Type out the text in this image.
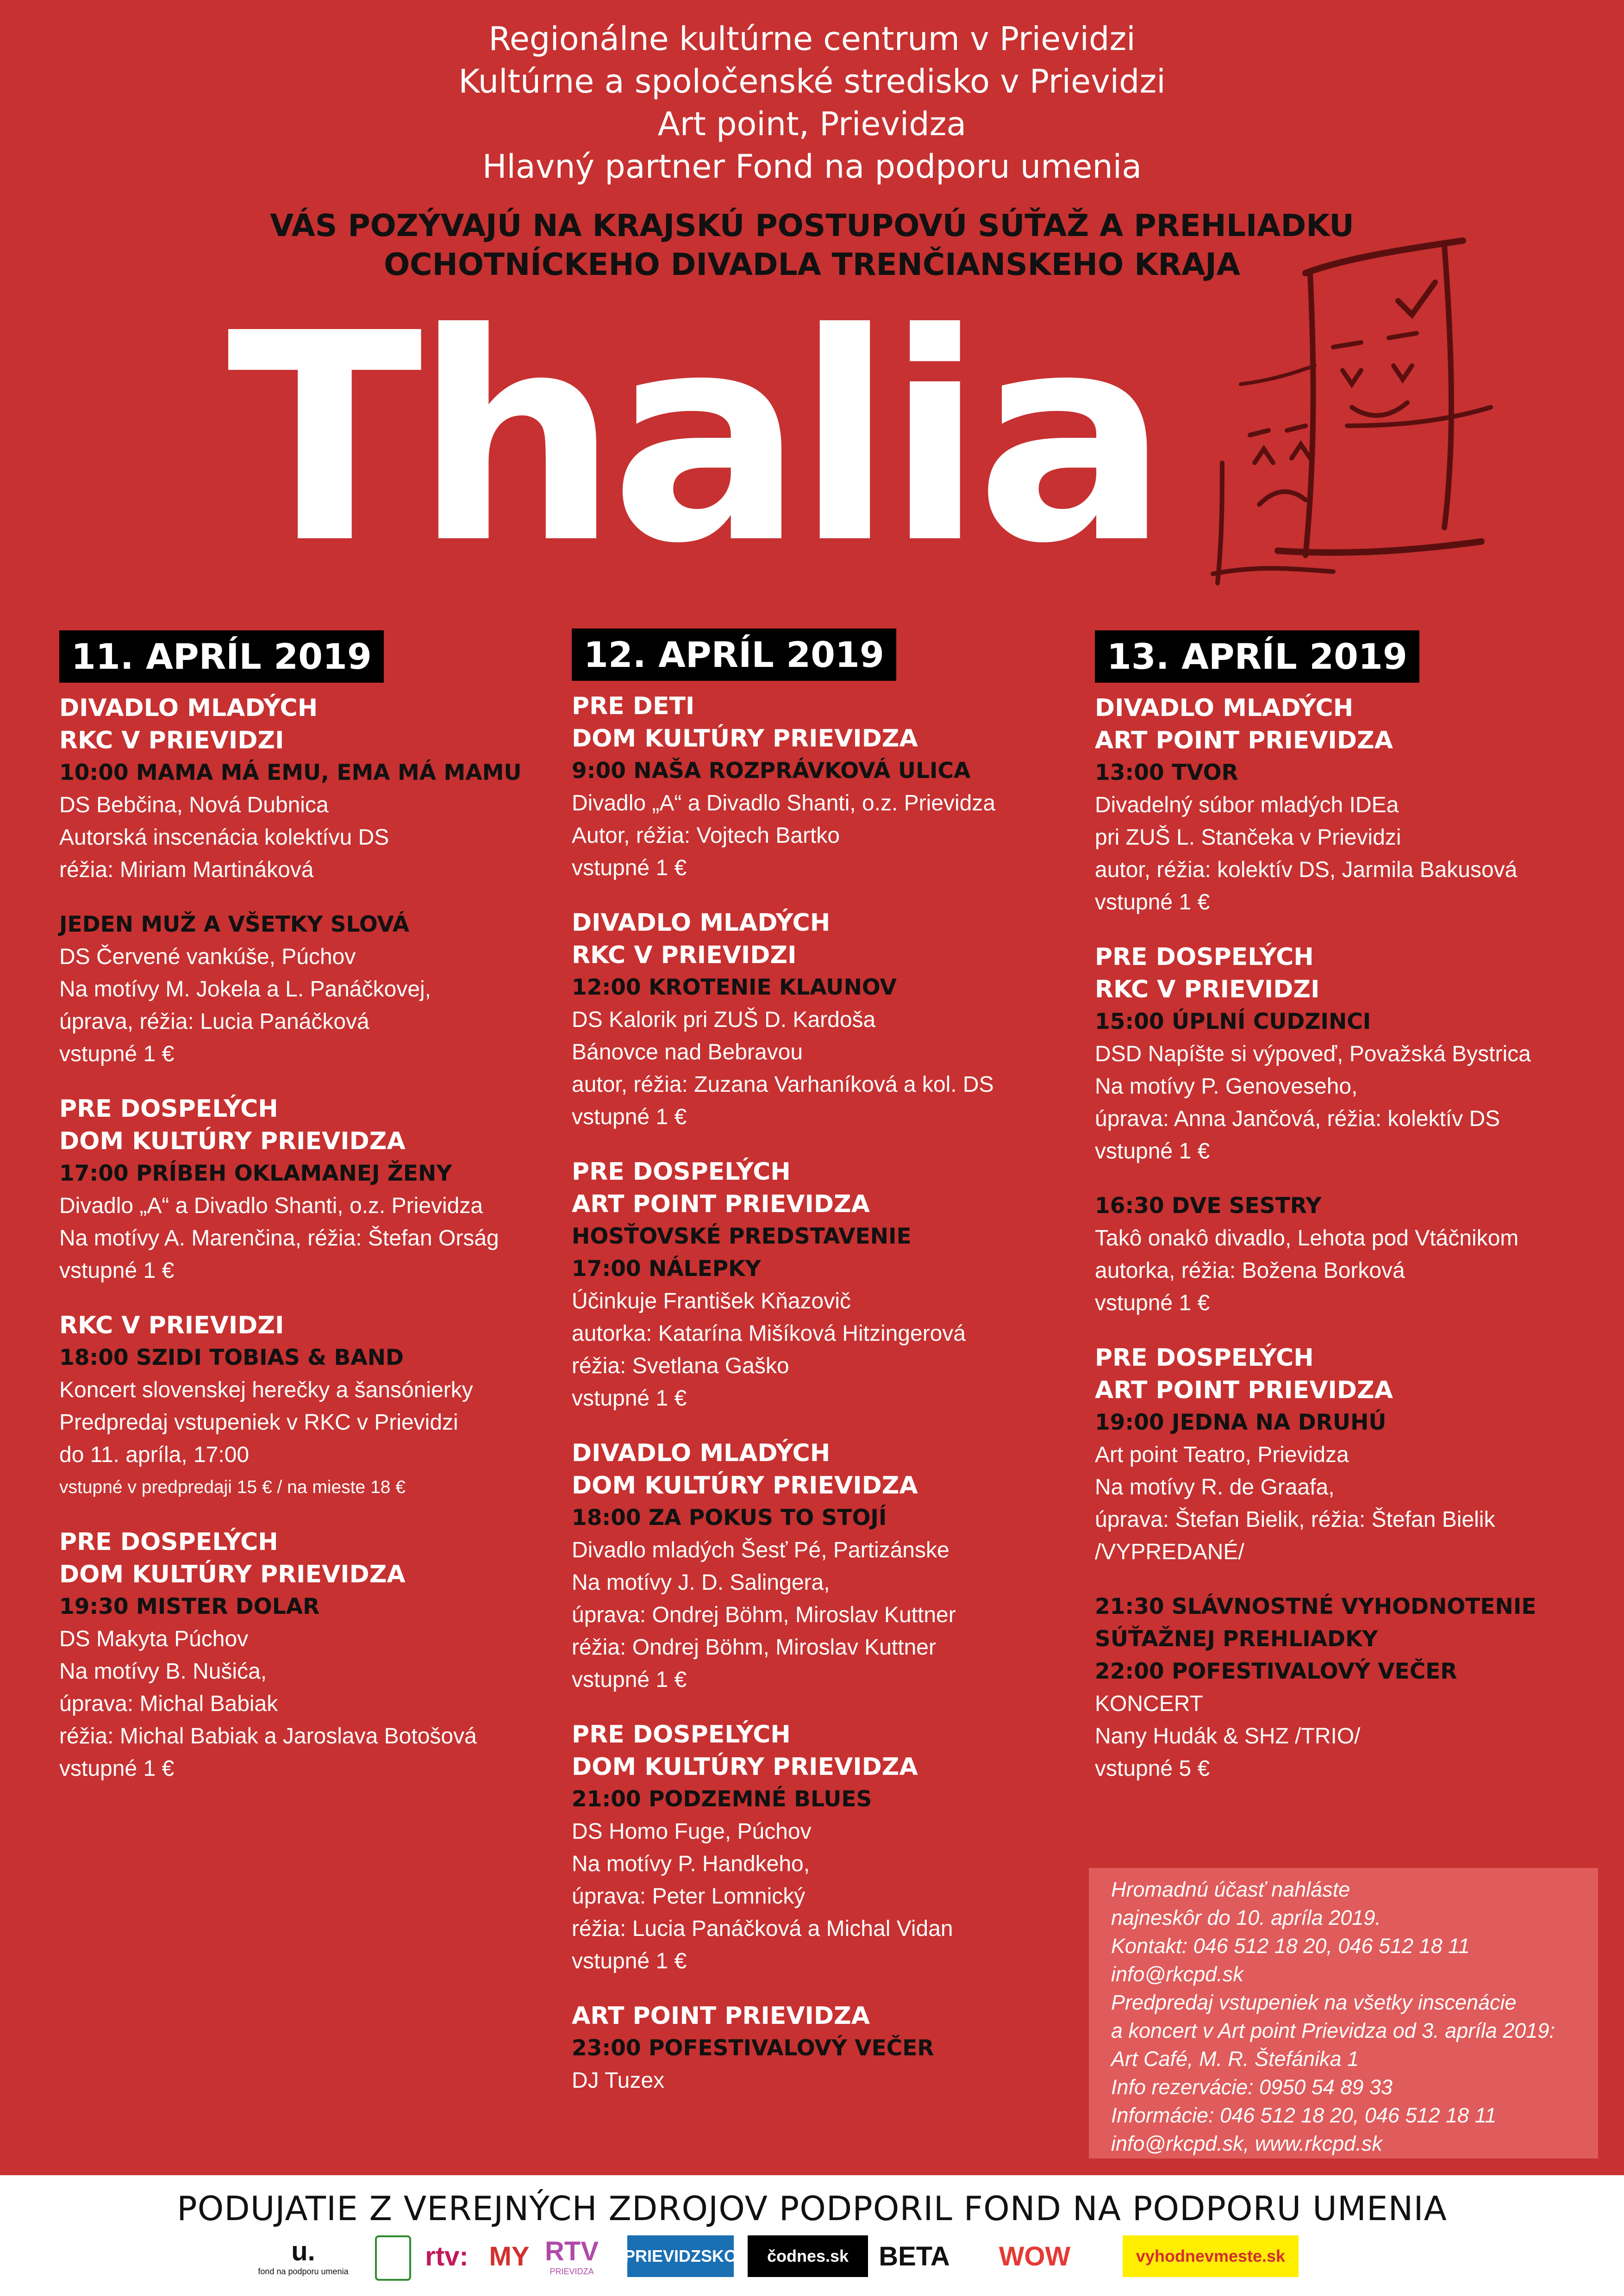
Regionálne kultúrne centrum v Prievidzi
Kultúrne a spoločenské stredisko v Prievidzi
Art point, Prievidza
Hlavný partner Fond na podporu umenia
VÁS POZÝVAJÚ NA KRAJSKÚ POSTUPOVÚ SÚŤAŽ A PREHLIADKU
OCHOTNÍCKEHO DIVADLA TRENČIANSKEHO KRAJA
Thalia
11. APRÍL 2019
DIVADLO MLADÝCH
RKC V PRIEVIDZI
10:00 MAMA MÁ EMU, EMA MÁ MAMU
DS Bebčina, Nová Dubnica
Autorská inscenácia kolektívu DS
réžia: Miriam Martináková
JEDEN MUŽ A VŠETKY SLOVÁ
DS Červené vankúše, Púchov
Na motívy M. Jokela a L. Panáčkovej,
úprava, réžia: Lucia Panáčková
vstupné 1 €
PRE DOSPELÝCH
DOM KULTÚRY PRIEVIDZA
17:00 PRÍBEH OKLAMANEJ ŽENY
Divadlo „A“ a Divadlo Shanti, o.z. Prievidza
Na motívy A. Marenčina, réžia: Štefan Orság
vstupné 1 €
RKC V PRIEVIDZI
18:00 SZIDI TOBIAS & BAND
Koncert slovenskej herečky a šansónierky
Predpredaj vstupeniek v RKC v Prievidzi
do 11. apríla, 17:00
vstupné v predpredaji 15 € / na mieste 18 €
PRE DOSPELÝCH
DOM KULTÚRY PRIEVIDZA
19:30 MISTER DOLAR
DS Makyta Púchov
Na motívy B. Nušića,
úprava: Michal Babiak
réžia: Michal Babiak a Jaroslava Botošová
vstupné 1 €
12. APRÍL 2019
PRE DETI
DOM KULTÚRY PRIEVIDZA
9:00 NAŠA ROZPRÁVKOVÁ ULICA
Divadlo „A“ a Divadlo Shanti, o.z. Prievidza
Autor, réžia: Vojtech Bartko
vstupné 1 €
DIVADLO MLADÝCH
RKC V PRIEVIDZI
12:00 KROTENIE KLAUNOV
DS Kalorik pri ZUŠ D. Kardoša
Bánovce nad Bebravou
autor, réžia: Zuzana Varhaníková a kol. DS
vstupné 1 €
PRE DOSPELÝCH
ART POINT PRIEVIDZA
HOSŤOVSKÉ PREDSTAVENIE
17:00 NÁLEPKY
Účinkuje František Kňazovič
autorka: Katarína Mišíková Hitzingerová
réžia: Svetlana Gaško
vstupné 1 €
DIVADLO MLADÝCH
DOM KULTÚRY PRIEVIDZA
18:00 ZA POKUS TO STOJÍ
Divadlo mladých Šesť Pé, Partizánske
Na motívy J. D. Salingera,
úprava: Ondrej Böhm, Miroslav Kuttner
réžia: Ondrej Böhm, Miroslav Kuttner
vstupné 1 €
PRE DOSPELÝCH
DOM KULTÚRY PRIEVIDZA
21:00 PODZEMNÉ BLUES
DS Homo Fuge, Púchov
Na motívy P. Handkeho,
úprava: Peter Lomnický
réžia: Lucia Panáčková a Michal Vidan
vstupné 1 €
ART POINT PRIEVIDZA
23:00 POFESTIVALOVÝ VEČER
DJ Tuzex
13. APRÍL 2019
DIVADLO MLADÝCH
ART POINT PRIEVIDZA
13:00 TVOR
Divadelný súbor mladých IDEa
pri ZUŠ L. Stančeka v Prievidzi
autor, réžia: kolektív DS, Jarmila Bakusová
vstupné 1 €
PRE DOSPELÝCH
RKC V PRIEVIDZI
15:00 ÚPLNÍ CUDZINCI
DSD Napíšte si výpoveď, Považská Bystrica
Na motívy P. Genoveseho,
úprava: Anna Jančová, réžia: kolektív DS
vstupné 1 €
16:30 DVE SESTRY
Takô onakô divadlo, Lehota pod Vtáčnikom
autorka, réžia: Božena Borková
vstupné 1 €
PRE DOSPELÝCH
ART POINT PRIEVIDZA
19:00 JEDNA NA DRUHÚ
Art point Teatro, Prievidza
Na motívy R. de Graafa,
úprava: Štefan Bielik, réžia: Štefan Bielik
/VYPREDANÉ/
21:30 SLÁVNOSTNÉ VYHODNOTENIE
SÚŤAŽNEJ PREHLIADKY
22:00 POFESTIVALOVÝ VEČER
KONCERT
Nany Hudák & SHZ /TRIO/
vstupné 5 €
Hromadnú účasť nahláste
najneskôr do 10. apríla 2019.
Kontakt: 046 512 18 20, 046 512 18 11
info@rkcpd.sk
Predpredaj vstupeniek na všetky inscenácie
a koncert v Art point Prievidza od 3. apríla 2019:
Art Café, M. R. Štefánika 1
Info rezervácie: 0950 54 89 33
Informácie: 046 512 18 20, 046 512 18 11
info@rkcpd.sk, www.rkcpd.sk
PODUJATIE Z VEREJNÝCH ZDROJOV PODPORIL FOND NA PODPORU UMENIA
u.
fond na podporu umenia
rtv: MY RTV
PRIEVIDZA
PRIEVIDZSKO čodnes.sk BETA WOW	vyhodnevmeste.sk
